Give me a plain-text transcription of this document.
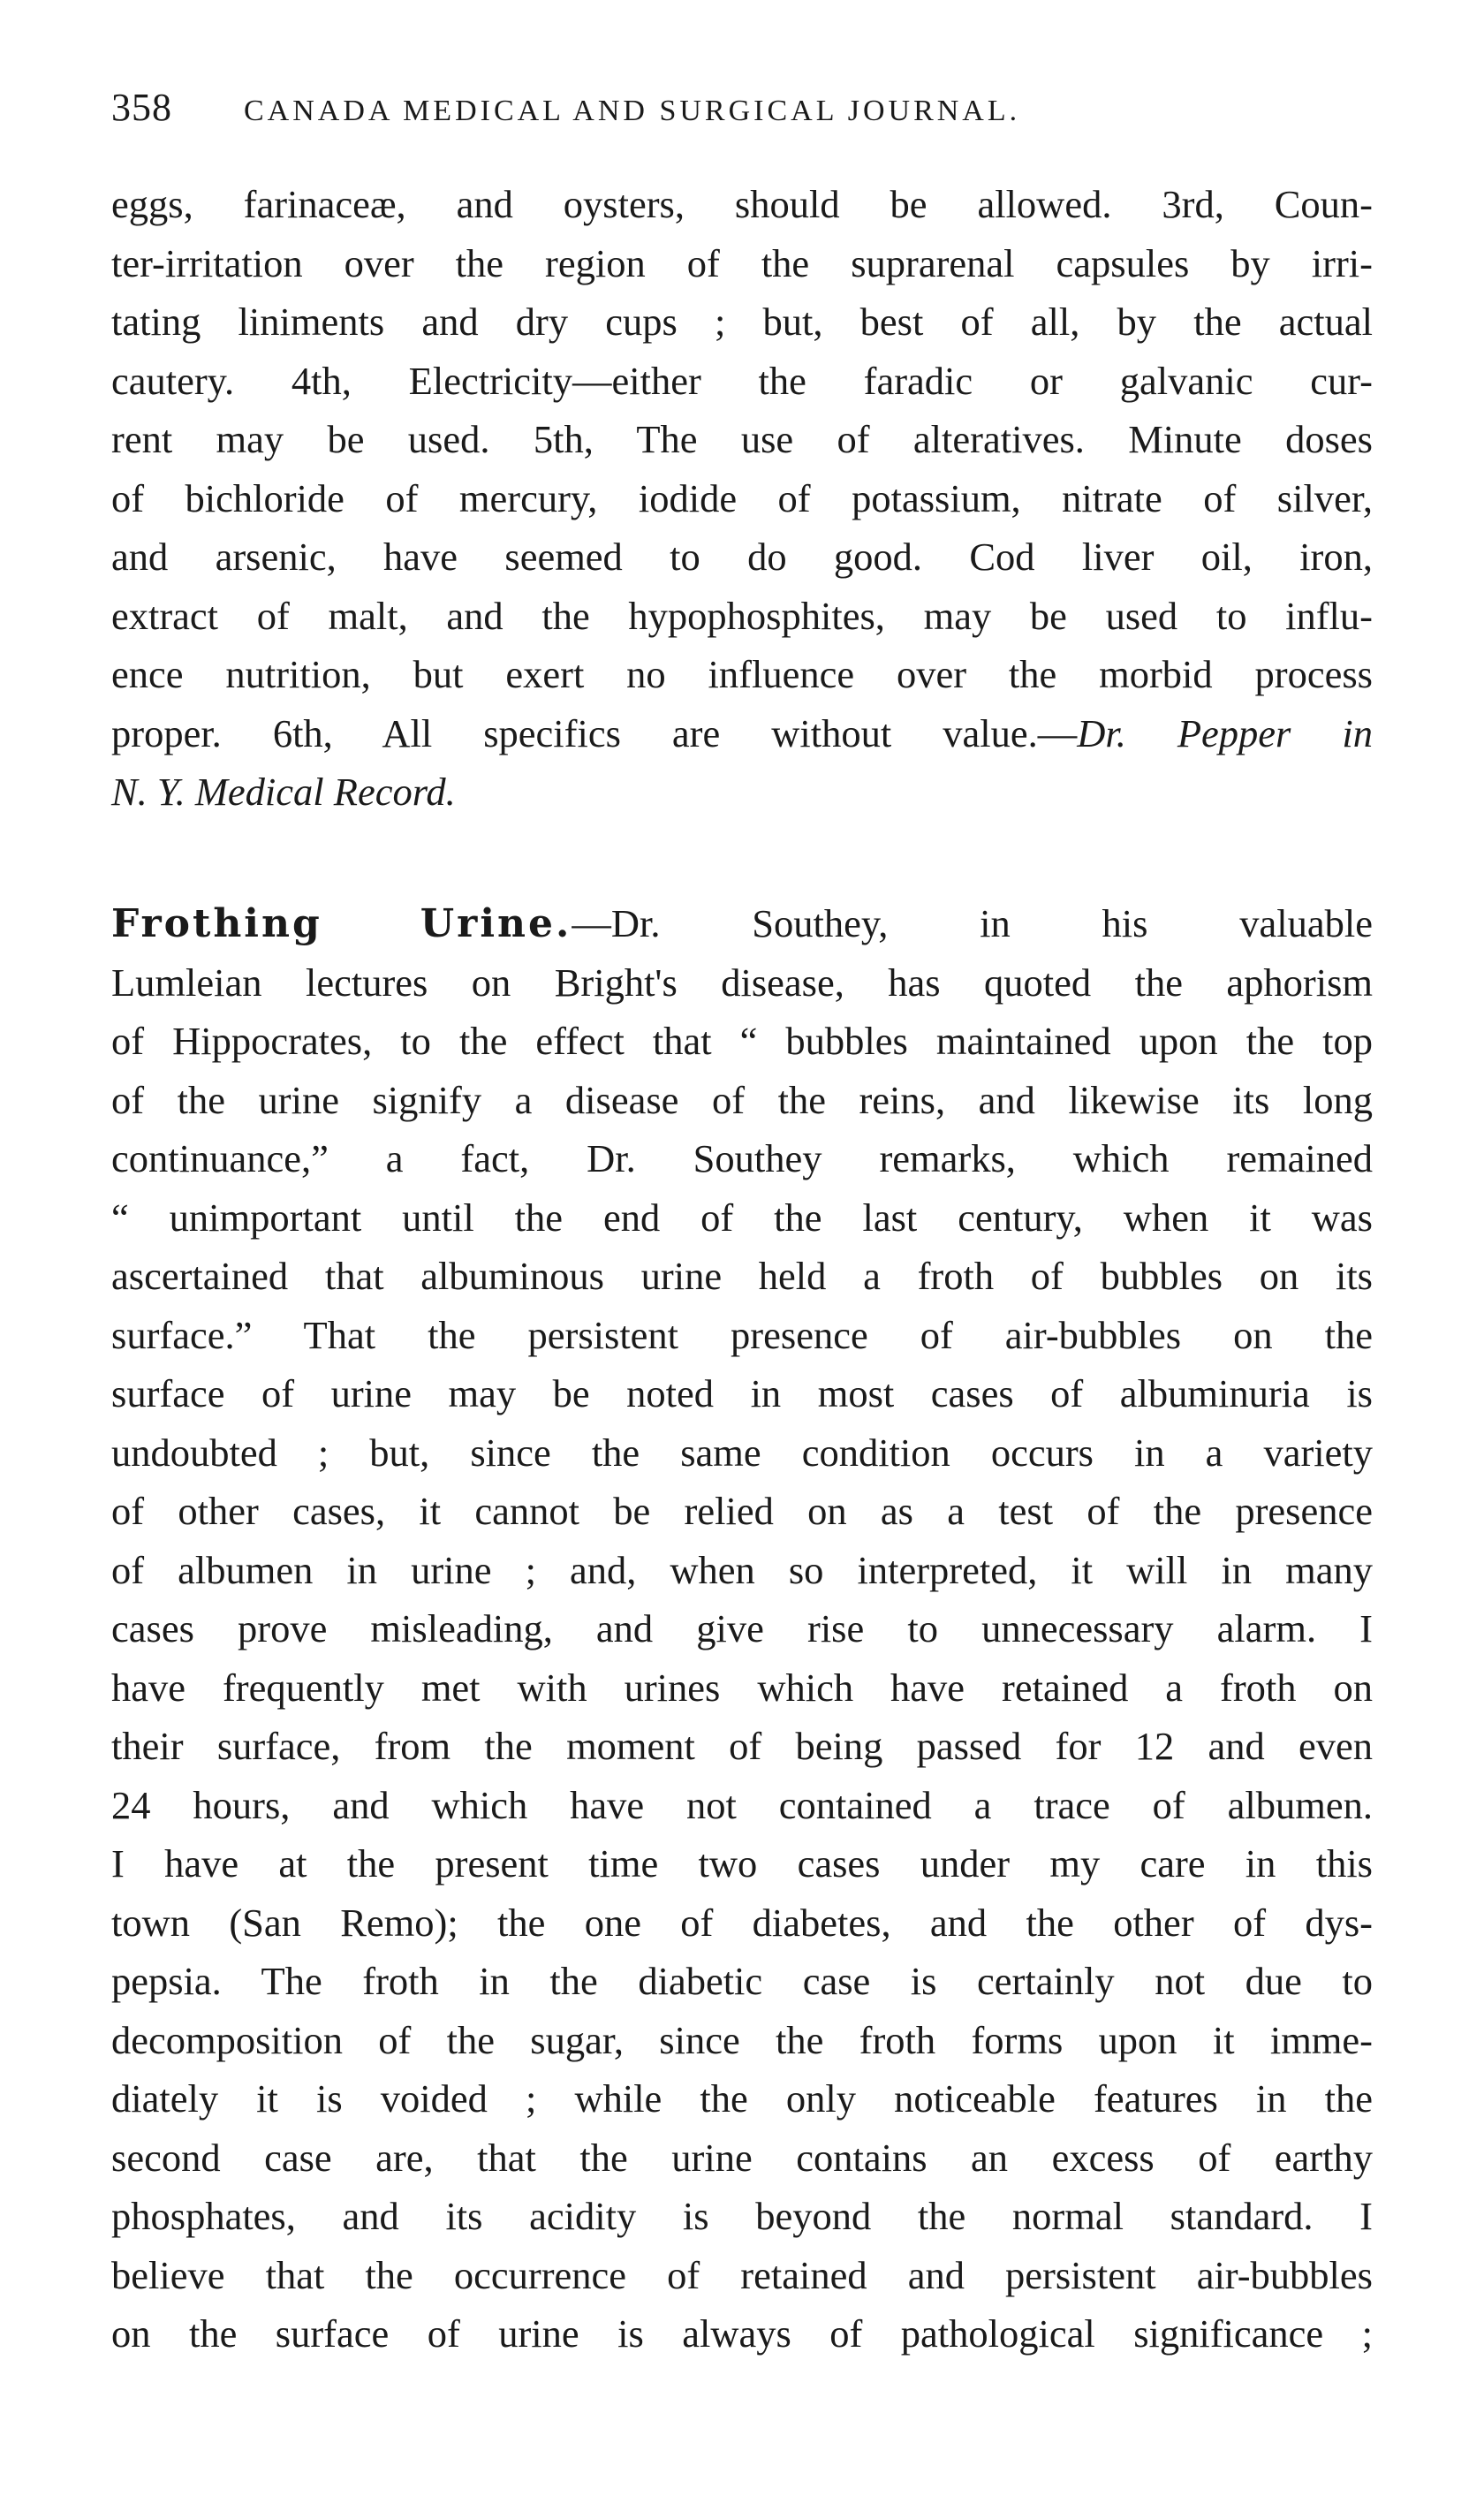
358	CANADA MEDICAL AND SURGICAL JOURNAL.
eggs, farinaceæ, and oysters, should be allowed. 3rd, Coun-
ter-irritation over the region of the suprarenal capsules by irri-
tating liniments and dry cups ; but, best of all, by the actual
cautery. 4th, Electricity—either the faradic or galvanic cur-
rent may be used. 5th, The use of alteratives. Minute doses
of bichloride of mercury, iodide of potassium, nitrate of silver,
and arsenic, have seemed to do good. Cod liver oil, iron,
extract of malt, and the hypophosphites, may be used to influ-
ence nutrition, but exert no influence over the morbid process
proper. 6th, All specifics are without value.—Dr. Pepper in
N. Y. Medical Record.
Frothing Urine.—Dr. Southey, in his valuable
Lumleian lectures on Bright's disease, has quoted the aphorism
of Hippocrates, to the effect that “ bubbles maintained upon the top
of the urine signify a disease of the reins, and likewise its long
continuance,” a fact, Dr. Southey remarks, which remained
“ unimportant until the end of the last century, when it was
ascertained that albuminous urine held a froth of bubbles on its
surface.” That the persistent presence of air-bubbles on the
surface of urine may be noted in most cases of albuminuria is
undoubted ; but, since the same condition occurs in a variety
of other cases, it cannot be relied on as a test of the presence
of albumen in urine ; and, when so interpreted, it will in many
cases prove misleading, and give rise to unnecessary alarm. I
have frequently met with urines which have retained a froth on
their surface, from the moment of being passed for 12 and even
24 hours, and which have not contained a trace of albumen.
I have at the present time two cases under my care in this
town (San Remo); the one of diabetes, and the other of dys-
pepsia. The froth in the diabetic case is certainly not due to
decomposition of the sugar, since the froth forms upon it imme-
diately it is voided ; while the only noticeable features in the
second case are, that the urine contains an excess of earthy
phosphates, and its acidity is beyond the normal standard. I
believe that the occurrence of retained and persistent air-bubbles
on the surface of urine is always of pathological significance ;
